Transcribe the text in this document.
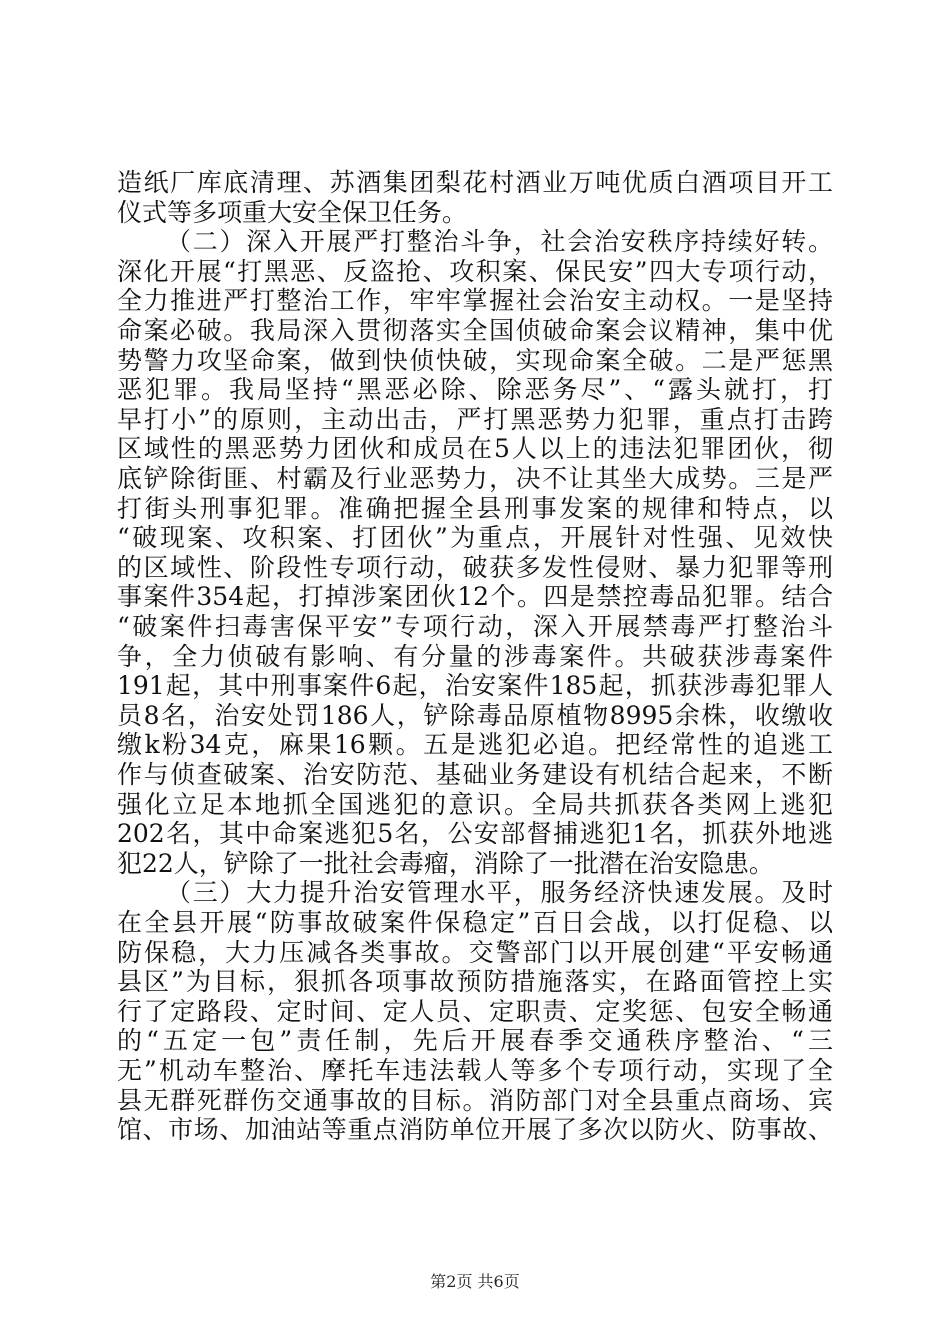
造纸厂库底清理、苏酒集团梨花村酒业万吨优质白酒项目开工
仪式等多项重大安全保卫任务。
（二）深入开展严打整治斗争，社会治安秩序持续好转。
深化开展“打黑恶、反盗抢、攻积案、保民安”四大专项行动，
全力推进严打整治工作，牢牢掌握社会治安主动权。一是坚持
命案必破。我局深入贯彻落实全国侦破命案会议精神，集中优
势警力攻坚命案，做到快侦快破，实现命案全破。二是严惩黑
恶犯罪。我局坚持“黑恶必除、除恶务尽”、“露头就打，打
早打小”的原则，主动出击，严打黑恶势力犯罪，重点打击跨
区域性的黑恶势力团伙和成员在5人以上的违法犯罪团伙，彻
底铲除街匪、村霸及行业恶势力，决不让其坐大成势。三是严
打街头刑事犯罪。准确把握全县刑事发案的规律和特点，以
“破现案、攻积案、打团伙”为重点，开展针对性强、见效快
的区域性、阶段性专项行动，破获多发性侵财、暴力犯罪等刑
事案件354起，打掉涉案团伙12个。四是禁控毒品犯罪。结合
“破案件扫毒害保平安”专项行动，深入开展禁毒严打整治斗
争，全力侦破有影响、有分量的涉毒案件。共破获涉毒案件
191起，其中刑事案件6起，治安案件185起，抓获涉毒犯罪人
员8名，治安处罚186人，铲除毒品原植物8995余株，收缴收
缴k粉34克，麻果16颗。五是逃犯必追。把经常性的追逃工
作与侦查破案、治安防范、基础业务建设有机结合起来，不断
强化立足本地抓全国逃犯的意识。全局共抓获各类网上逃犯
202名，其中命案逃犯5名，公安部督捕逃犯1名，抓获外地逃
犯22人，铲除了一批社会毒瘤，消除了一批潜在治安隐患。
（三）大力提升治安管理水平，服务经济快速发展。及时
在全县开展“防事故破案件保稳定”百日会战，以打促稳、以
防保稳，大力压减各类事故。交警部门以开展创建“平安畅通
县区”为目标，狠抓各项事故预防措施落实，在路面管控上实
行了定路段、定时间、定人员、定职责、定奖惩、包安全畅通
的“五定一包”责任制，先后开展春季交通秩序整治、“三
无”机动车整治、摩托车违法载人等多个专项行动，实现了全
县无群死群伤交通事故的目标。消防部门对全县重点商场、宾
馆、市场、加油站等重点消防单位开展了多次以防火、防事故、
第2页 共6页
